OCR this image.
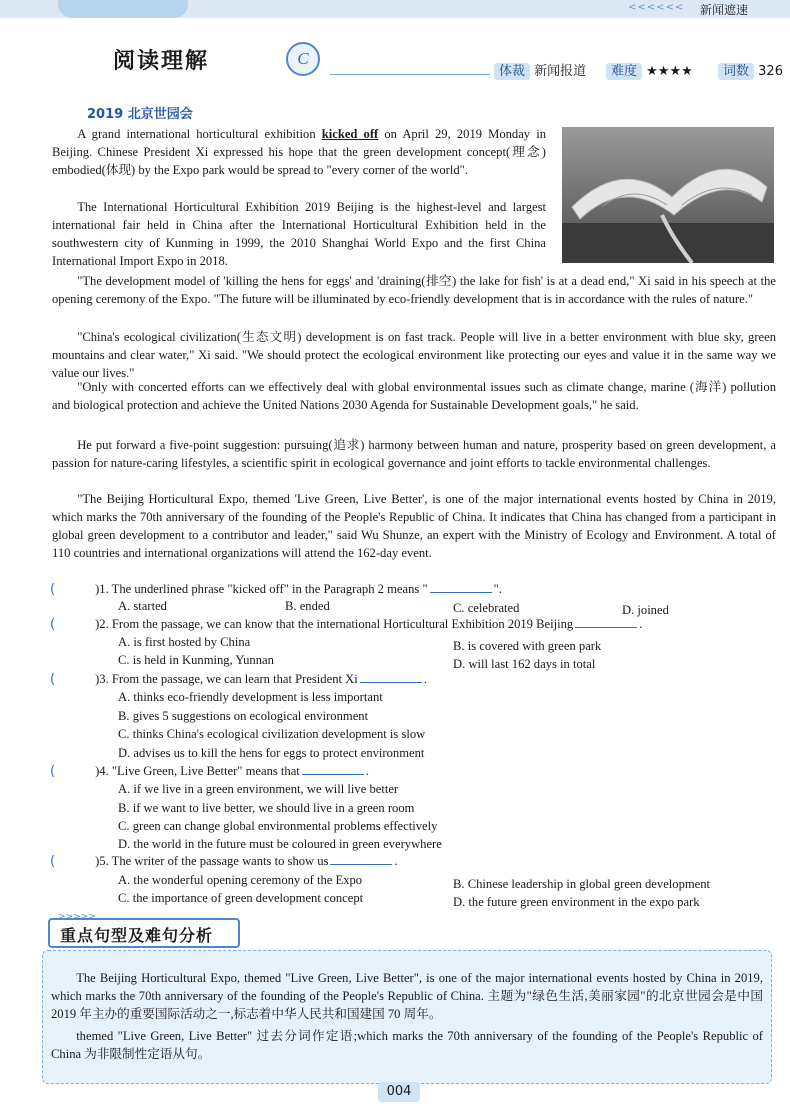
<<<<<< 新闻遮速
阅读理解	C
体裁 新闻报道	难度 ★★★★	词数 326
2019 北京世园会

A grand international horticultural exhibition kicked off on April 29, 2019 Monday in Beijing. Chinese President Xi expressed his hope that the green development concept(理念) embodied(体现) by the Expo park would be spread to "every corner of the world".

The International Horticultural Exhibition 2019 Beijing is the highest-level and largest international fair held in China after the International Horticultural Exhibition held in the southwestern city of Kunming in 1999, the 2010 Shanghai World Expo and the first China International Import Expo in 2018.

"The development model of 'killing the hens for eggs' and 'draining(排空) the lake for fish' is at a dead end," Xi said in his speech at the opening ceremony of the Expo. "The future will be illuminated by eco-friendly development that is in accordance with the rules of nature."

"China's ecological civilization(生态文明) development is on fast track. People will live in a better environment with blue sky, green mountains and clear water," Xi said. "We should protect the ecological environment like protecting our eyes and value it in the same way we value our lives."

"Only with concerted efforts can we effectively deal with global environmental issues such as climate change, marine (海洋) pollution and biological protection and achieve the United Nations 2030 Agenda for Sustainable Development goals," he said.

He put forward a five-point suggestion: pursuing(追求) harmony between human and nature, prosperity based on green development, a passion for nature-caring lifestyles, a scientific spirit in ecological governance and joint efforts to tackle environmental challenges.

"The Beijing Horticultural Expo, themed 'Live Green, Live Better', is one of the major international events hosted by China in 2019, which marks the 70th anniversary of the founding of the People's Republic of China. It indicates that China has changed from a participant in global green development to a contributor and leader," said Wu Shunze, an expert with the Ministry of Ecology and Environment. A total of 110 countries and international organizations will attend the 162-day event.

(	)1. The underlined phrase "kicked off" in the Paragraph 2 means "	".
A. started	B. ended	C. celebrated	D. joined
(	)2. From the passage, we can know that the international Horticultural Exhibition 2019 Beijing	.
A. is first hosted by China	B. is covered with green park
C. is held in Kunming, Yunnan	D. will last 162 days in total
(	)3. From the passage, we can learn that President Xi	.
A. thinks eco-friendly development is less important
B. gives 5 suggestions on ecological environment
C. thinks China's ecological civilization development is slow
D. advises us to kill the hens for eggs to protect environment
(	)4. "Live Green, Live Better" means that	.
A. if we live in a green environment, we will live better
B. if we want to live better, we should live in a green room
C. green can change global environmental problems effectively
D. the world in the future must be coloured in green everywhere
(	)5. The writer of the passage wants to show us	.
A. the wonderful opening ceremony of the Expo	B. Chinese leadership in global green development
C. the importance of green development concept	D. the future green environment in the expo park
>>>>>
重点句型及难句分析

The Beijing Horticultural Expo, themed "Live Green, Live Better", is one of the major international events hosted by China in 2019, which marks the 70th anniversary of the founding of the People's Republic of China. 主题为"绿色生活,美丽家园"的北京世园会是中国 2019 年主办的重要国际活动之一,标志着中华人民共和国建国 70 周年。

themed "Live Green, Live Better" 过去分词作定语;which marks the 70th anniversary of the founding of the People's Republic of China 为非限制性定语从句。

004
